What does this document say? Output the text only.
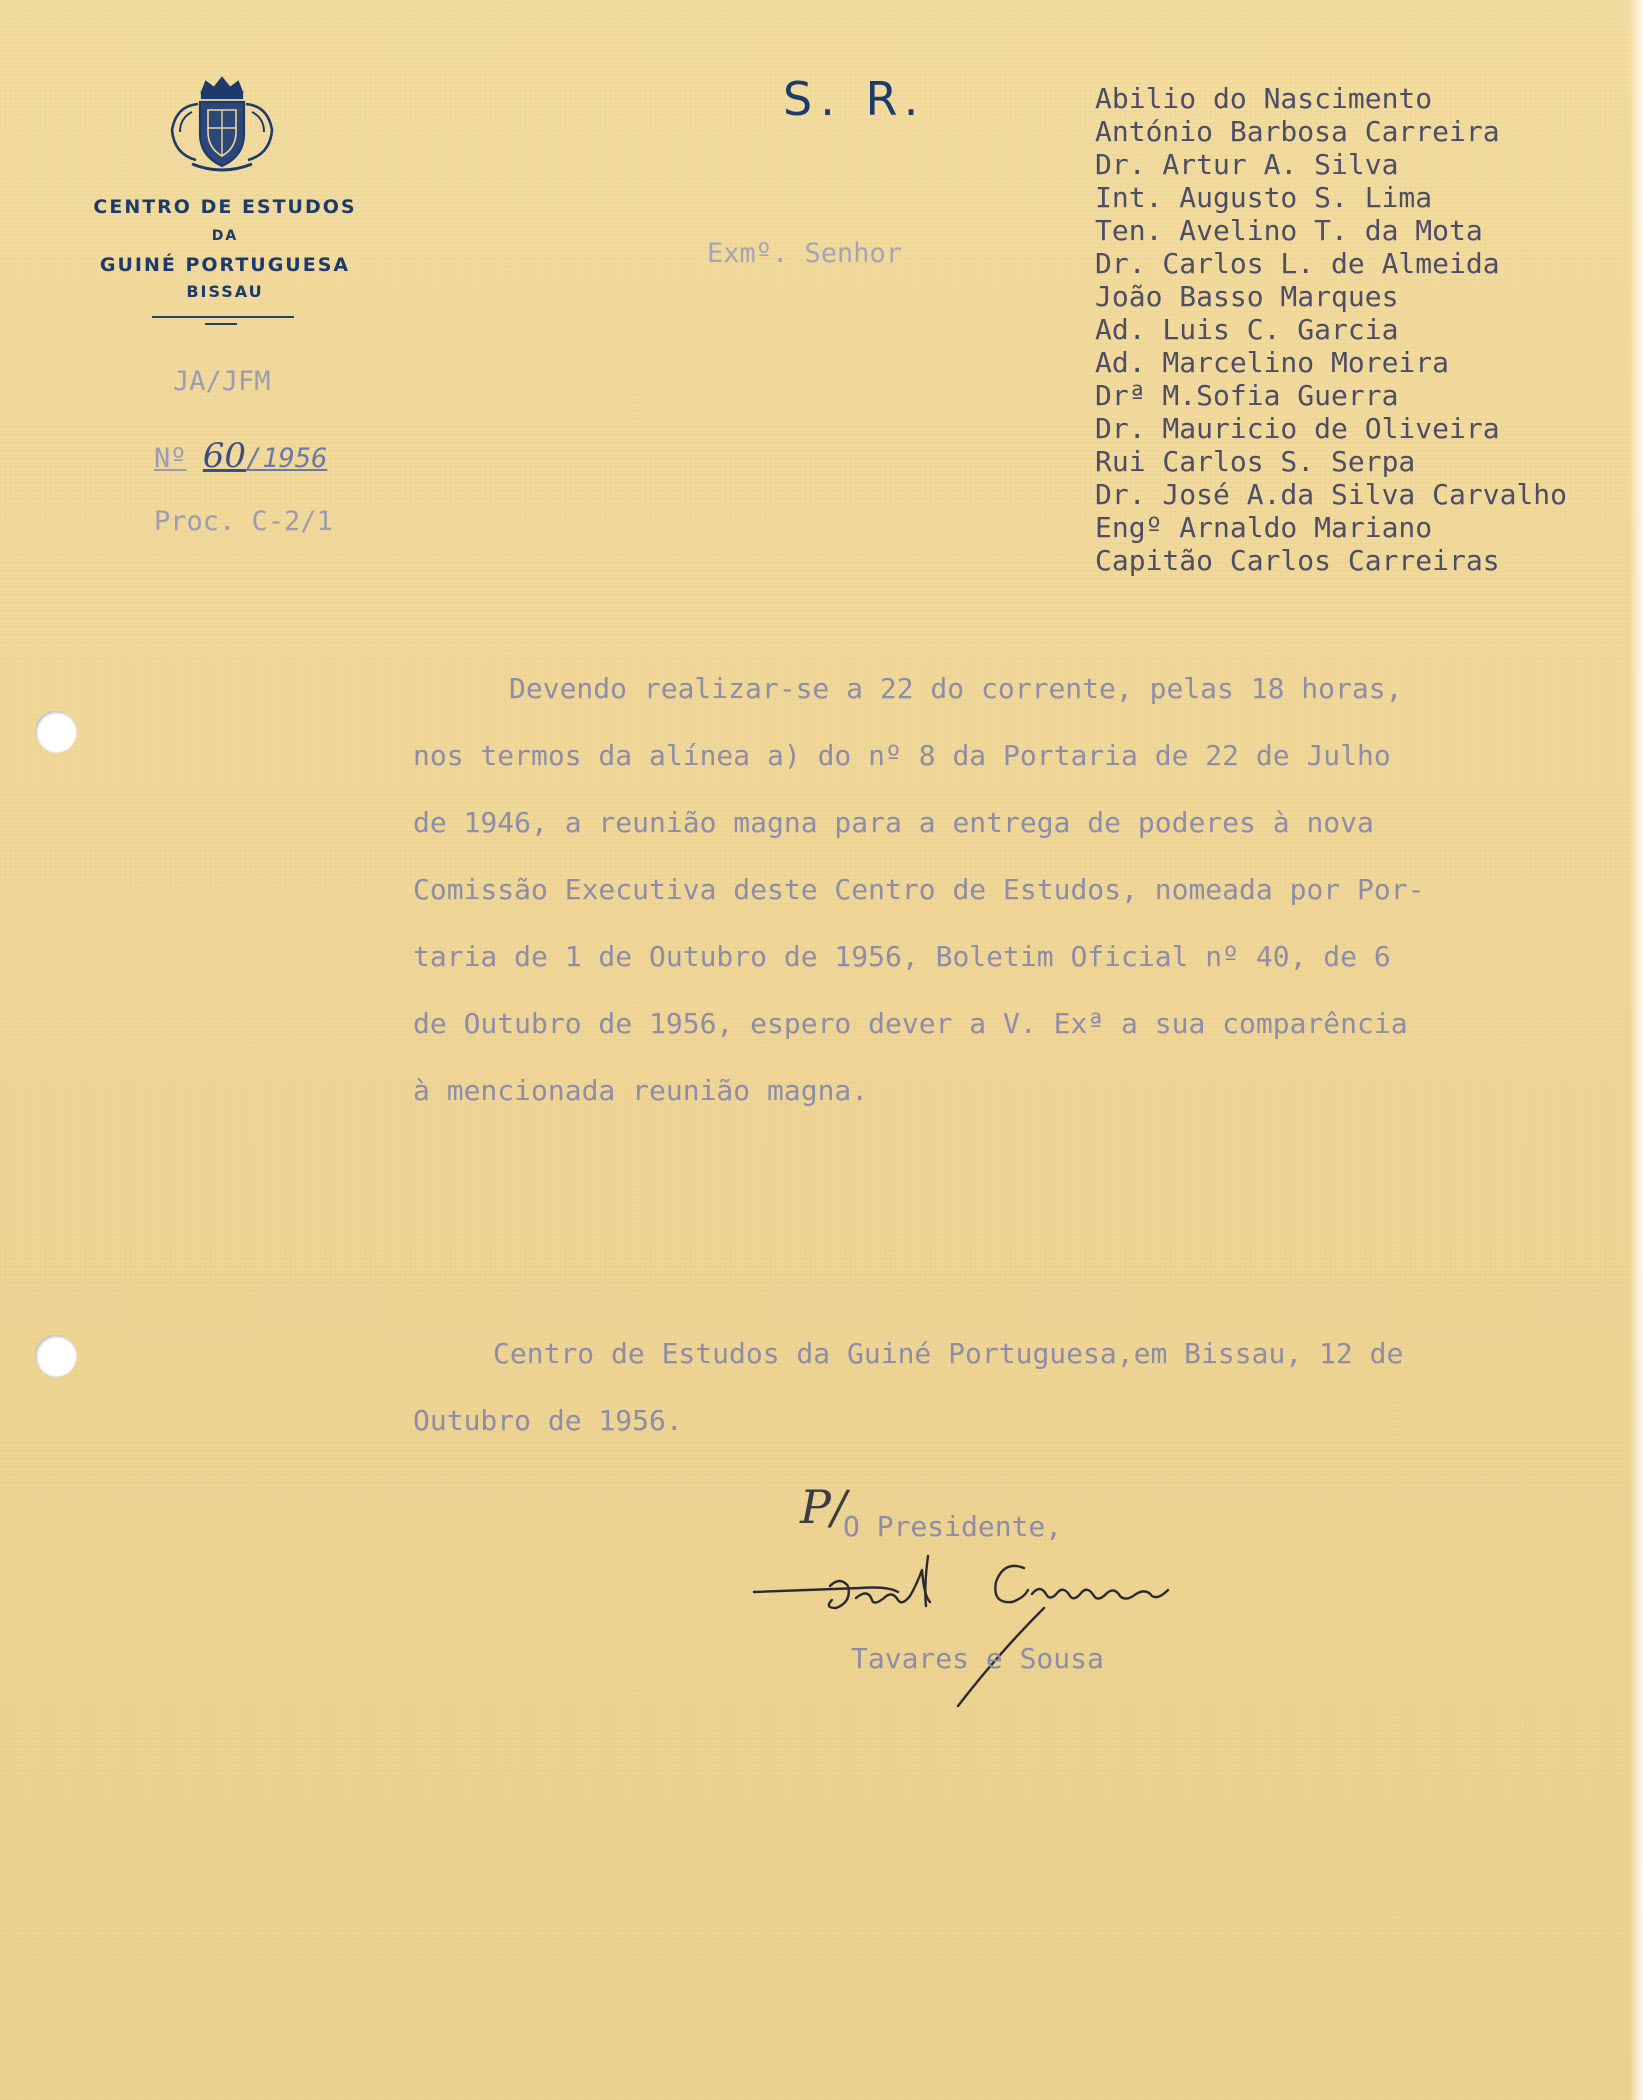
CENTRO DE ESTUDOS
DA
GUINÉ PORTUGUESA
BISSAU
JA/JFM
Nº 60/1956
Proc. C-2/1
S. R.
Exmº. Senhor
Abilio do Nascimento
António Barbosa Carreira
Dr. Artur A. Silva
Int. Augusto S. Lima
Ten. Avelino T. da Mota
Dr. Carlos L. de Almeida
João Basso Marques
Ad. Luis C. Garcia
Ad. Marcelino Moreira
Drª M.Sofia Guerra
Dr. Mauricio de Oliveira
Rui Carlos S. Serpa
Dr. José A.da Silva Carvalho
Engº Arnaldo Mariano
Capitão Carlos Carreiras
Devendo realizar-se a 22 do corrente, pelas 18 horas,
nos termos da alínea a) do nº 8 da Portaria de 22 de Julho
de 1946, a reunião magna para a entrega de poderes à nova
Comissão Executiva deste Centro de Estudos, nomeada por Por-
taria de 1 de Outubro de 1956, Boletim Oficial nº 40, de 6
de Outubro de 1956, espero dever a V. Exª a sua comparência
à mencionada reunião magna.
Centro de Estudos da Guiné Portuguesa,em Bissau, 12 de
Outubro de 1956.
P/
O Presidente,
Tavares e Sousa
